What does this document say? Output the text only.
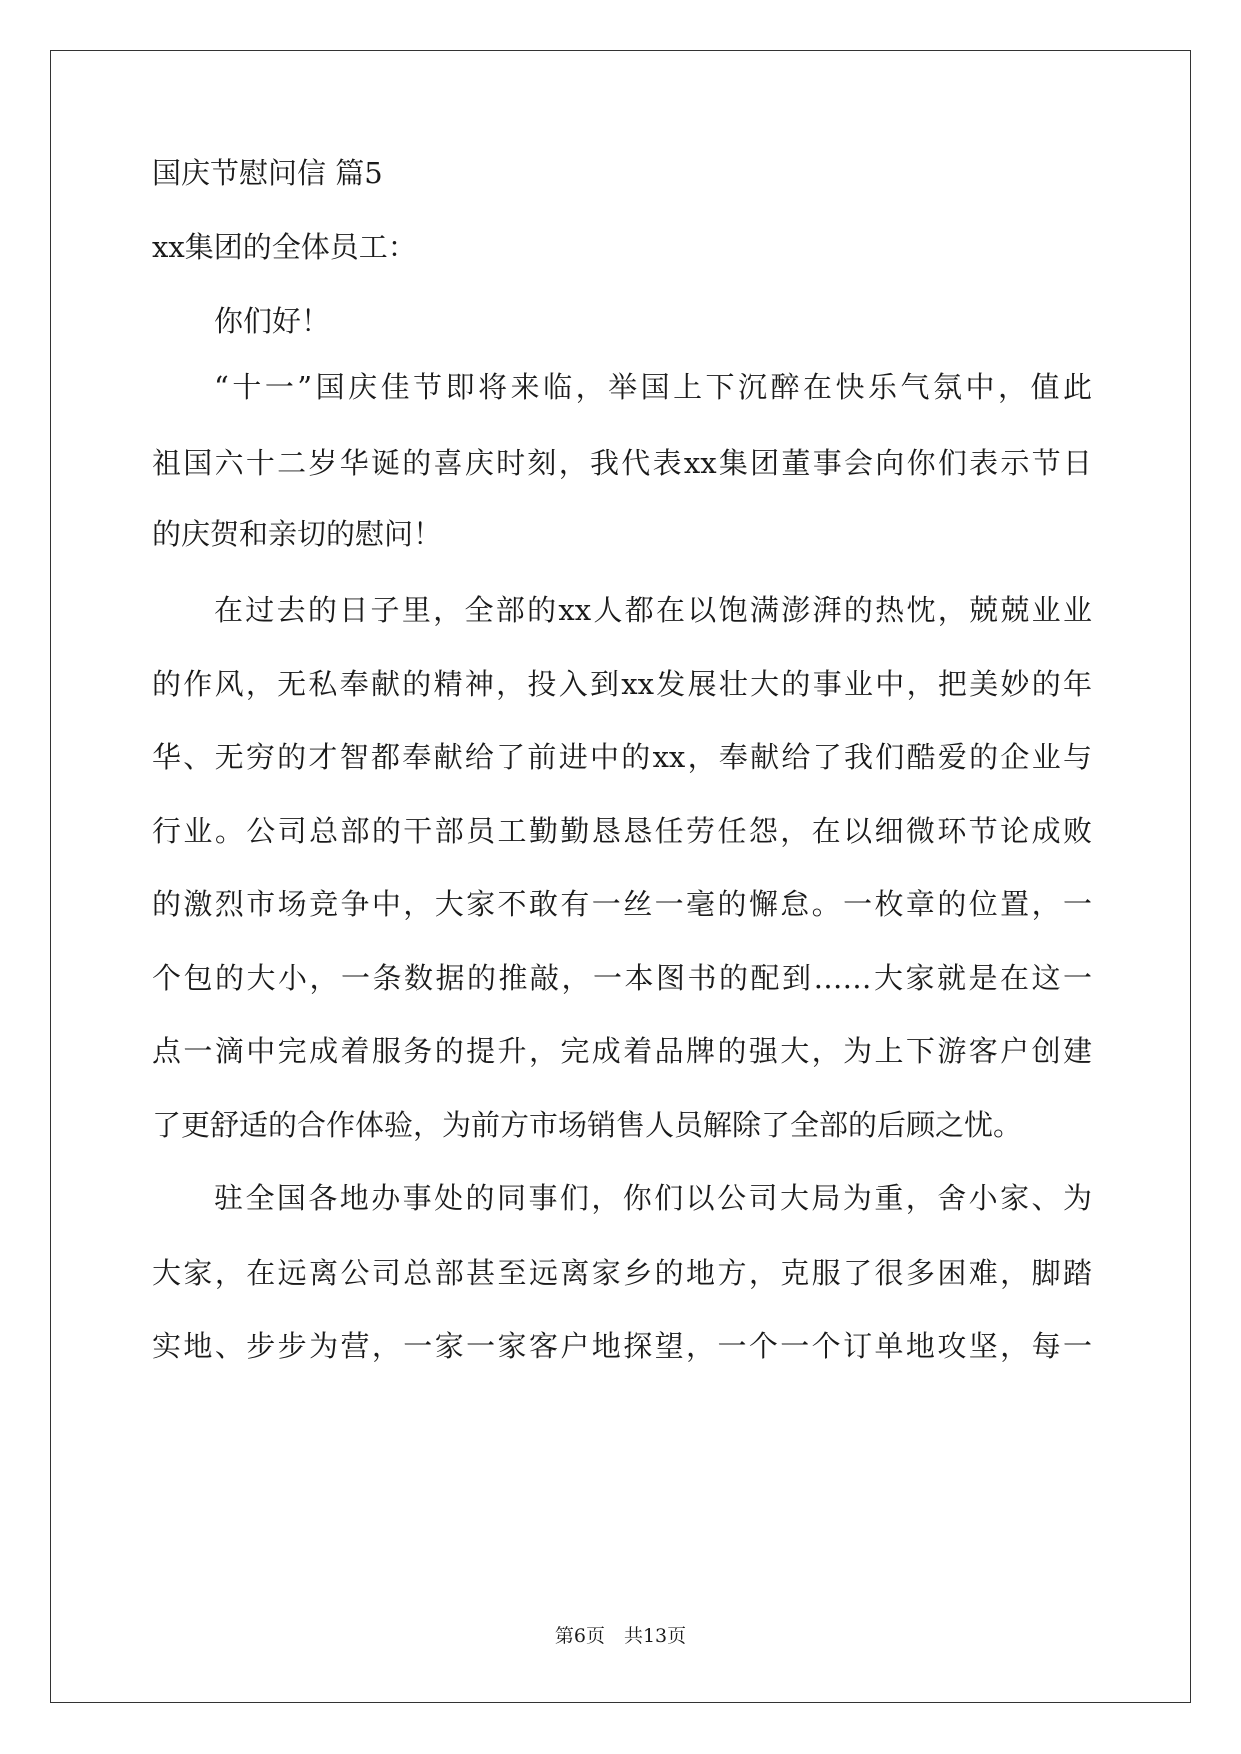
国庆节慰问信 篇5
xx集团的全体员工：
你们好！
“十一”国庆佳节即将来临，举国上下沉醉在快乐气氛中，值此
祖国六十二岁华诞的喜庆时刻，我代表xx集团董事会向你们表示节日
的庆贺和亲切的慰问！
在过去的日子里，全部的xx人都在以饱满澎湃的热忱，兢兢业业
的作风，无私奉献的精神，投入到xx发展壮大的事业中，把美妙的年
华、无穷的才智都奉献给了前进中的xx，奉献给了我们酷爱的企业与
行业。公司总部的干部员工勤勤恳恳任劳任怨，在以细微环节论成败
的激烈市场竞争中，大家不敢有一丝一毫的懈怠。一枚章的位置，一
个包的大小，一条数据的推敲，一本图书的配到……大家就是在这一
点一滴中完成着服务的提升，完成着品牌的强大，为上下游客户创建
了更舒适的合作体验，为前方市场销售人员解除了全部的后顾之忧。
驻全国各地办事处的同事们，你们以公司大局为重，舍小家、为
大家，在远离公司总部甚至远离家乡的地方，克服了很多困难，脚踏
实地、步步为营，一家一家客户地探望，一个一个订单地攻坚，每一
第6页　共13页
